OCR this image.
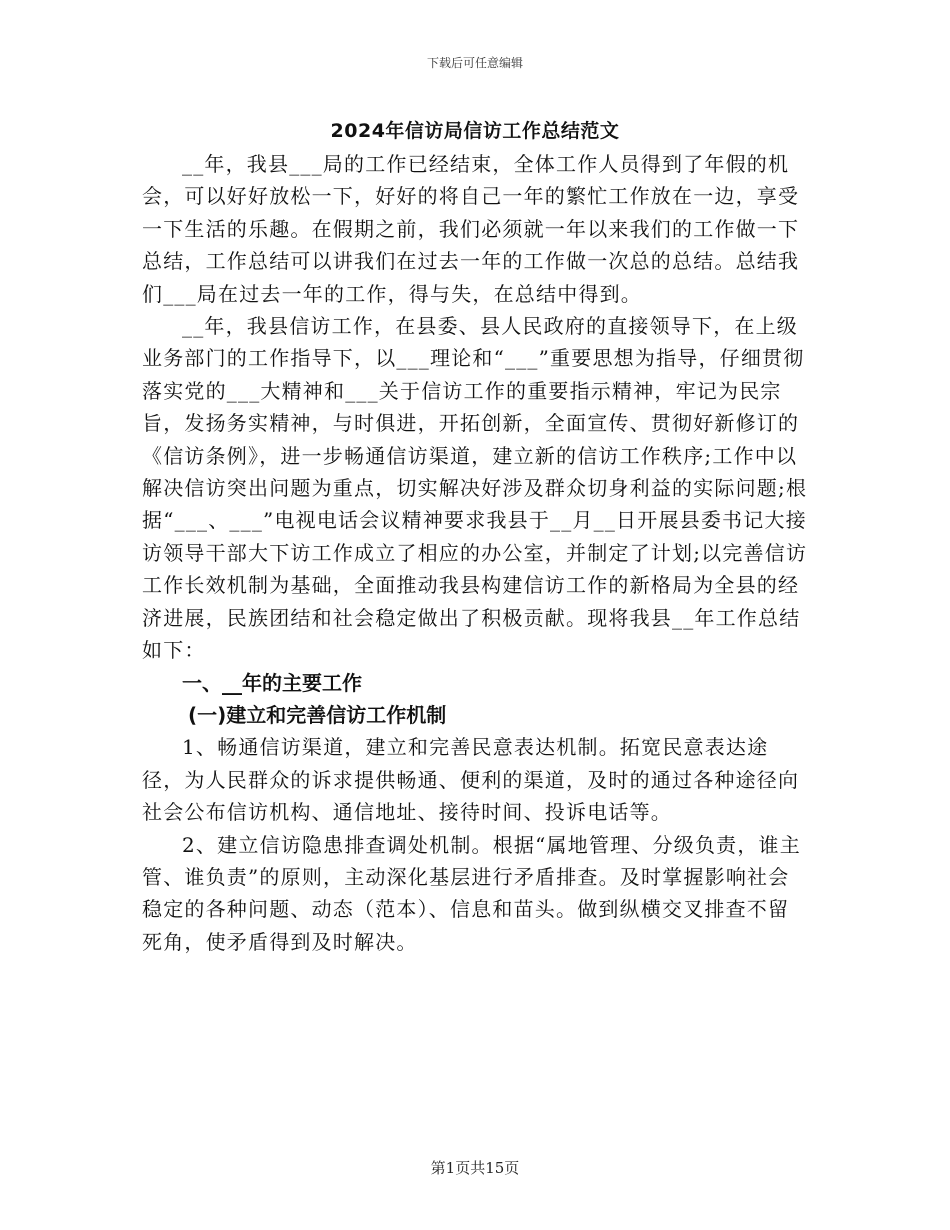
下载后可任意编辑
2024年信访局信访工作总结范文

__年，我县___局的工作已经结束，全体工作人员得到了年假的机会，可以好好放松一下，好好的将自己一年的繁忙工作放在一边，享受一下生活的乐趣。在假期之前，我们必须就一年以来我们的工作做一下总结，工作总结可以讲我们在过去一年的工作做一次总的总结。总结我们___局在过去一年的工作，得与失，在总结中得到。

__年，我县信访工作，在县委、县人民政府的直接领导下，在上级业务部门的工作指导下，以___理论和“___”重要思想为指导，仔细贯彻落实党的___大精神和___关于信访工作的重要指示精神，牢记为民宗旨，发扬务实精神，与时俱进，开拓创新，全面宣传、贯彻好新修订的《信访条例》，进一步畅通信访渠道，建立新的信访工作秩序;工作中以解决信访突出问题为重点，切实解决好涉及群众切身利益的实际问题;根据“___、___”电视电话会议精神要求我县于__月__日开展县委书记大接访领导干部大下访工作成立了相应的办公室，并制定了计划;以完善信访工作长效机制为基础，全面推动我县构建信访工作的新格局为全县的经济进展，民族团结和社会稳定做出了积极贡献。现将我县__年工作总结如下：

一、__年的主要工作

(一)建立和完善信访工作机制

1、畅通信访渠道，建立和完善民意表达机制。拓宽民意表达途径，为人民群众的诉求提供畅通、便利的渠道，及时的通过各种途径向社会公布信访机构、通信地址、接待时间、投诉电话等。

2、建立信访隐患排查调处机制。根据“属地管理、分级负责，谁主管、谁负责”的原则，主动深化基层进行矛盾排查。及时掌握影响社会稳定的各种问题、动态（范本）、信息和苗头。做到纵横交叉排查不留死角，使矛盾得到及时解决。

第1页共15页
